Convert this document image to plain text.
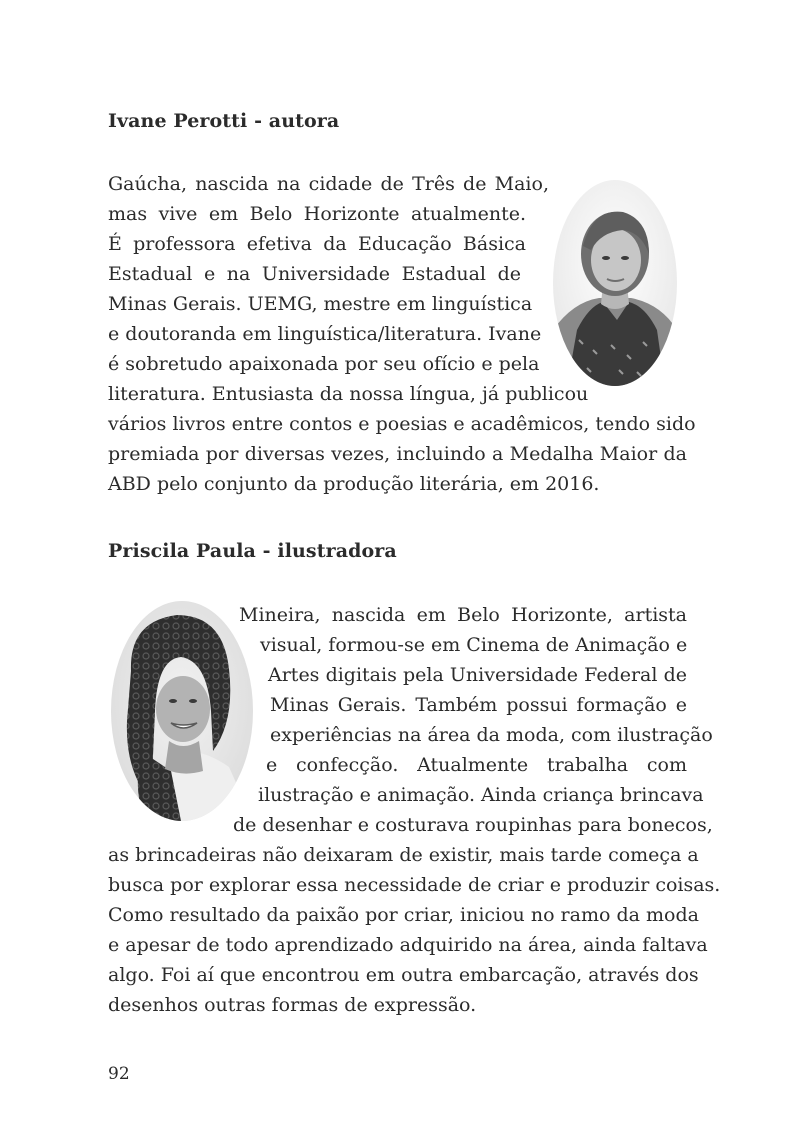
Ivane Perotti - autora
Gaúcha, nascida na cidade de Três de Maio,
mas vive em Belo Horizonte atualmente.
É professora efetiva da Educação Básica
Estadual e na Universidade Estadual de
Minas Gerais. UEMG, mestre em linguística
e doutoranda em linguística/literatura. Ivane
é sobretudo apaixonada por seu ofício e pela
literatura. Entusiasta da nossa língua, já publicou
vários livros entre contos e poesias e acadêmicos, tendo sido
premiada por diversas vezes, incluindo a Medalha Maior da
ABD pelo conjunto da produção literária, em 2016.
Priscila Paula - ilustradora
Mineira, nascida em Belo Horizonte, artista
visual, formou-se em Cinema de Animação e
Artes digitais pela Universidade Federal de
Minas Gerais. Também possui formação e
experiências na área da moda, com ilustração
e confecção. Atualmente trabalha com
ilustração e animação. Ainda criança brincava
de desenhar e costurava roupinhas para bonecos,
as brincadeiras não deixaram de existir, mais tarde começa a
busca por explorar essa necessidade de criar e produzir coisas.
Como resultado da paixão por criar, iniciou no ramo da moda
e apesar de todo aprendizado adquirido na área, ainda faltava
algo. Foi aí que encontrou em outra embarcação, através dos
desenhos outras formas de expressão.
92
